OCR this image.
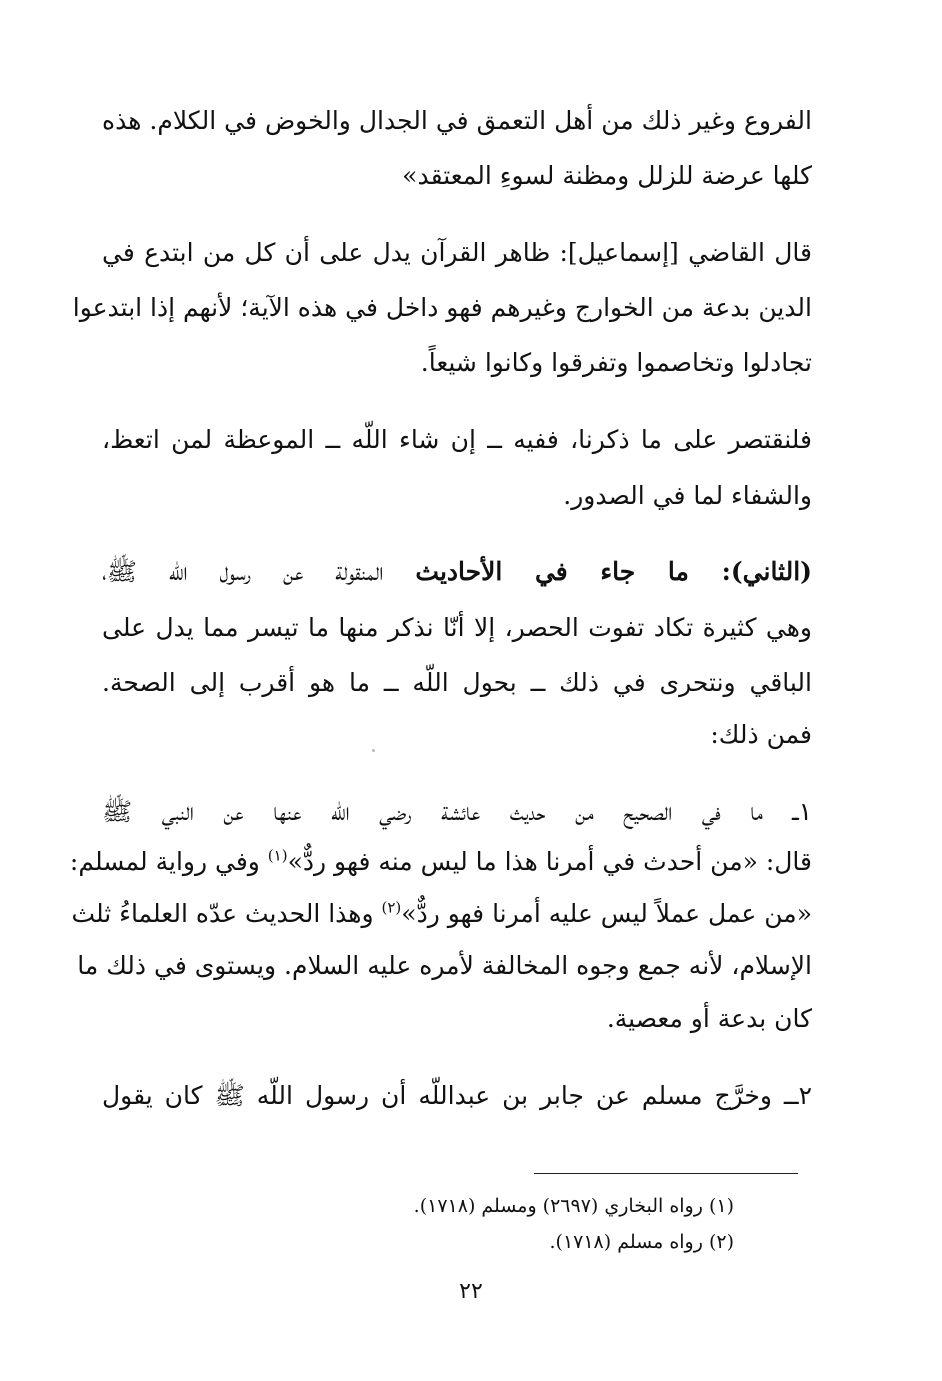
الفروع وغير ذلك من أهل التعمق في الجدال والخوض في الكلام. هذه
كلها عرضة للزلل ومظنة لسوءِ المعتقد»
قال القاضي [إسماعيل]: ظاهر القرآن يدل على أن كل من ابتدع في
الدين بدعة من الخوارج وغيرهم فهو داخل في هذه الآية؛ لأنهم إذا ابتدعوا
تجادلوا وتخاصموا وتفرقوا وكانوا شيعاً.
فلنقتصر على ما ذكرنا، ففيه ــ إن شاء اللّه ــ الموعظة لمن اتعظ،
والشفاء لما في الصدور.
(الثاني): ما جاء في الأحاديث المنقولة عن رسول اللّه ﷺ،
وهي كثيرة تكاد تفوت الحصر، إلا أنّا نذكر منها ما تيسر مما يدل على
الباقي ونتحرى في ذلك ــ بحول اللّه ــ ما هو أقرب إلى الصحة.
فمن ذلك:
١ــ ما في الصحيح من حديث عائشة رضي اللّه عنها عن النبي ﷺ
قال: «من أحدث في أمرنا هذا ما ليس منه فهو ردٌّ»$^{(١)}$ وفي رواية لمسلم:
«من عمل عملاً ليس عليه أمرنا فهو ردٌّ»$^{(٢)}$ وهذا الحديث عدّه العلماءُ ثلث
الإسلام، لأنه جمع وجوه المخالفة لأمره عليه السلام. ويستوى في ذلك ما
كان بدعة أو معصية.
٢ــ وخرَّج مسلم عن جابر بن عبداللّه أن رسول اللّه ﷺ كان يقول
(١) رواه البخاري (٢٦٩٧) ومسلم (١٧١٨).
(٢) رواه مسلم (١٧١٨).
٢٢
